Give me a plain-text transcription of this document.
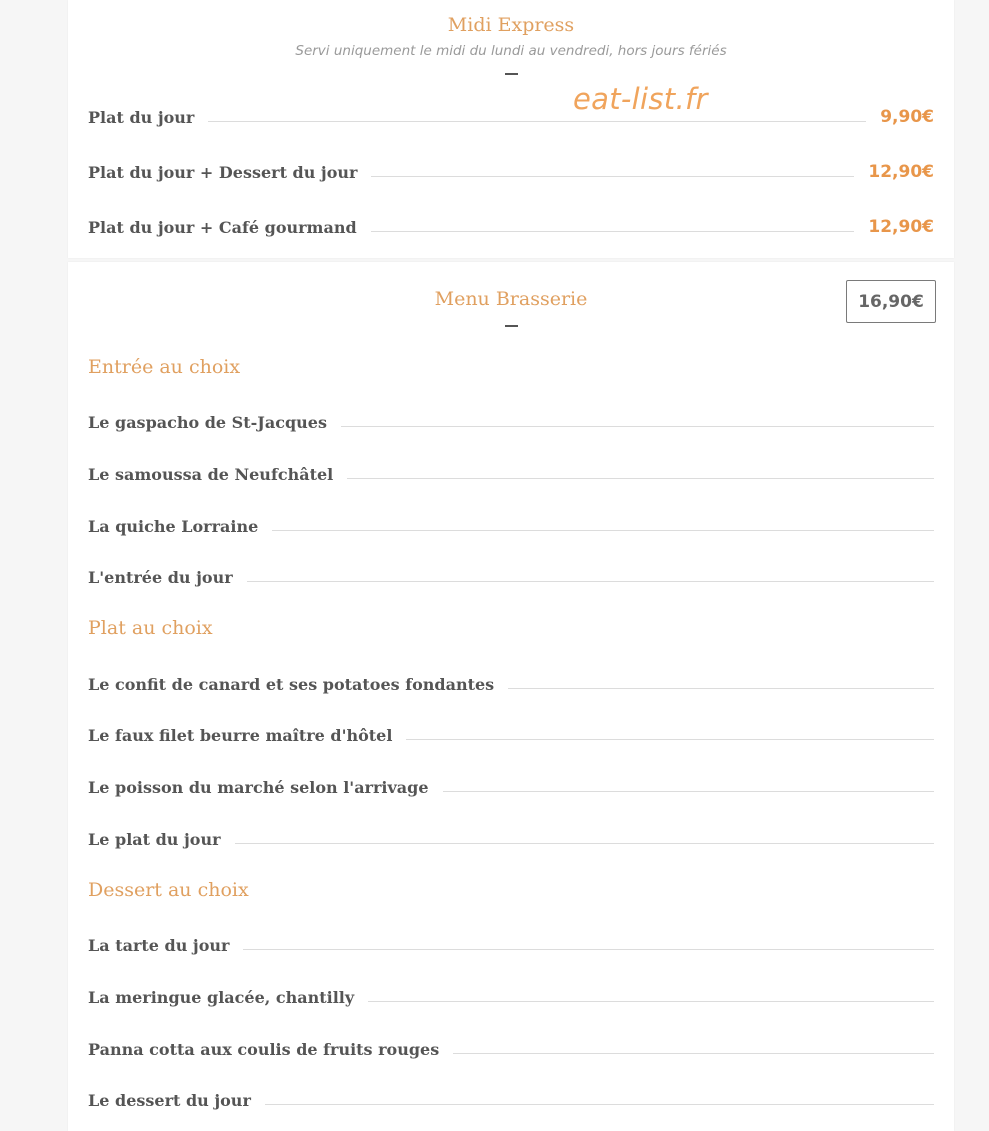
Midi Express
Servi uniquement le midi du lundi au vendredi, hors jours fériés
Plat du jour	9,90€
Plat du jour + Dessert du jour	12,90€
Plat du jour + Café gourmand	12,90€
eat-list.fr
Menu Brasserie	16,90€
Entrée au choix
Le gaspacho de St-Jacques
Le samoussa de Neufchâtel
La quiche Lorraine
L'entrée du jour
Plat au choix
Le confit de canard et ses potatoes fondantes
Le faux filet beurre maître d'hôtel
Le poisson du marché selon l'arrivage
Le plat du jour
Dessert au choix
La tarte du jour
La meringue glacée, chantilly
Panna cotta aux coulis de fruits rouges
Le dessert du jour
